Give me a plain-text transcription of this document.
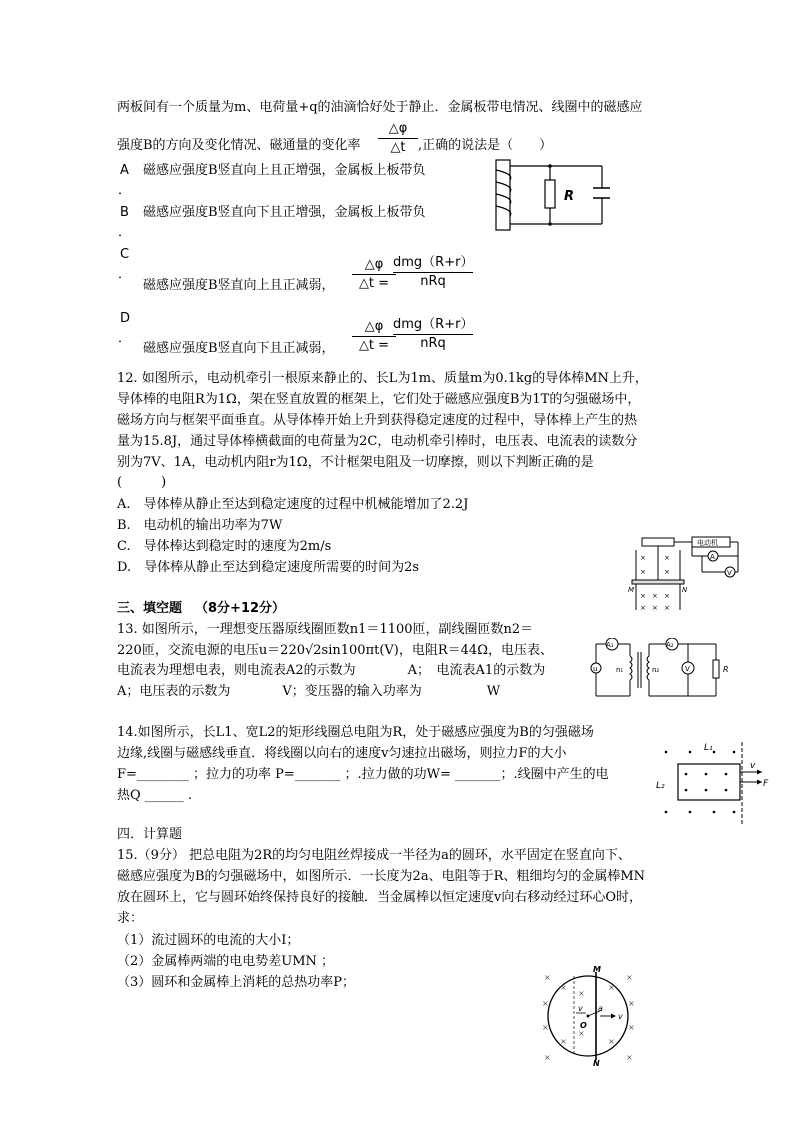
两板间有一个质量为m、电荷量+q的油滴恰好处于静止．金属板带电情况、线圈中的磁感应
强度B的方向及变化情况、磁通量的变化率
△φ
△t ,正确的说法是（　　）
A 磁感应强度B竖直向上且正增强，金属板上板带负
．
B 磁感应强度B竖直向下且正增强，金属板上板带负
．
C
．
磁感应强度B竖直向上且正减弱，
△φ
△t =
dmg（R+r）
nRq
D
．
磁感应强度B竖直向下且正减弱，
△φ
△t =
dmg（R+r）
nRq
R
12. 如图所示，电动机牵引一根原来静止的、长L为1m、质量m为0.1kg的导体棒MN上升，
导体棒的电阻R为1Ω，架在竖直放置的框架上，它们处于磁感应强度B为1T的匀强磁场中，
磁场方向与框架平面垂直。从导体棒开始上升到获得稳定速度的过程中，导体棒上产生的热
量为15.8J，通过导体棒横截面的电荷量为2C，电动机牵引棒时，电压表、电流表的读数分
别为7V、1A，电动机内阻r为1Ω，不计框架电阻及一切摩擦，则以下判断正确的是
(　　　)
A.　导体棒从静止至达到稳定速度的过程中机械能增加了2.2J
B.　电动机的输出功率为7W
C.　导体棒达到稳定时的速度为2m/s
D.　导体棒从静止至达到稳定速度所需要的时间为2s
×	×
×	×
× × ×
× × ×
M	N
电动机
A
V
三、填空题 （8分+12分）
13. 如图所示，一理想变压器原线圈匝数n1＝1100匝，副线圈匝数n2＝
220匝，交流电源的电压u＝220√2sin100πt(V)，电阻R＝44Ω，电压表、
电流表为理想电表，则电流表A2的示数为　　　　A；　电流表A1的示数为
A；电压表的示数为　　　　V；变压器的输入功率为　　　　　W
u
A₁
n₁	n₂
A₂
V	R
14.如图所示，长L1、宽L2的矩形线圈总电阻为R，处于磁感应强度为B的匀强磁场
边缘,线圈与磁感线垂直．将线圈以向右的速度v匀速拉出磁场，则拉力F的大小
F=________ ；拉力的功率 P=_______ ；.拉力做的功W= _______；.线圈中产生的电
热Q ______ .
L₁
L₂
v
F
四．计算题
15.（9分） 把总电阻为2R的均匀电阻丝焊接成一半径为a的圆环，水平固定在竖直向下、
磁感应强度为B的匀强磁场中，如图所示．一长度为2a、电阻等于R、粗细均匀的金属棒MN
放在圆环上，它与圆环始终保持良好的接触．当金属棒以恒定速度v向右移动经过环心O时，
求：
（1）流过圆环的电流的大小I；
（2）金属棒两端的电电势差UMN ；
（3）圆环和金属棒上消耗的总热功率P；	×	×
×	×
×	×
×	×
×	×
×	×
×
×
M
N
O
a
v
v
